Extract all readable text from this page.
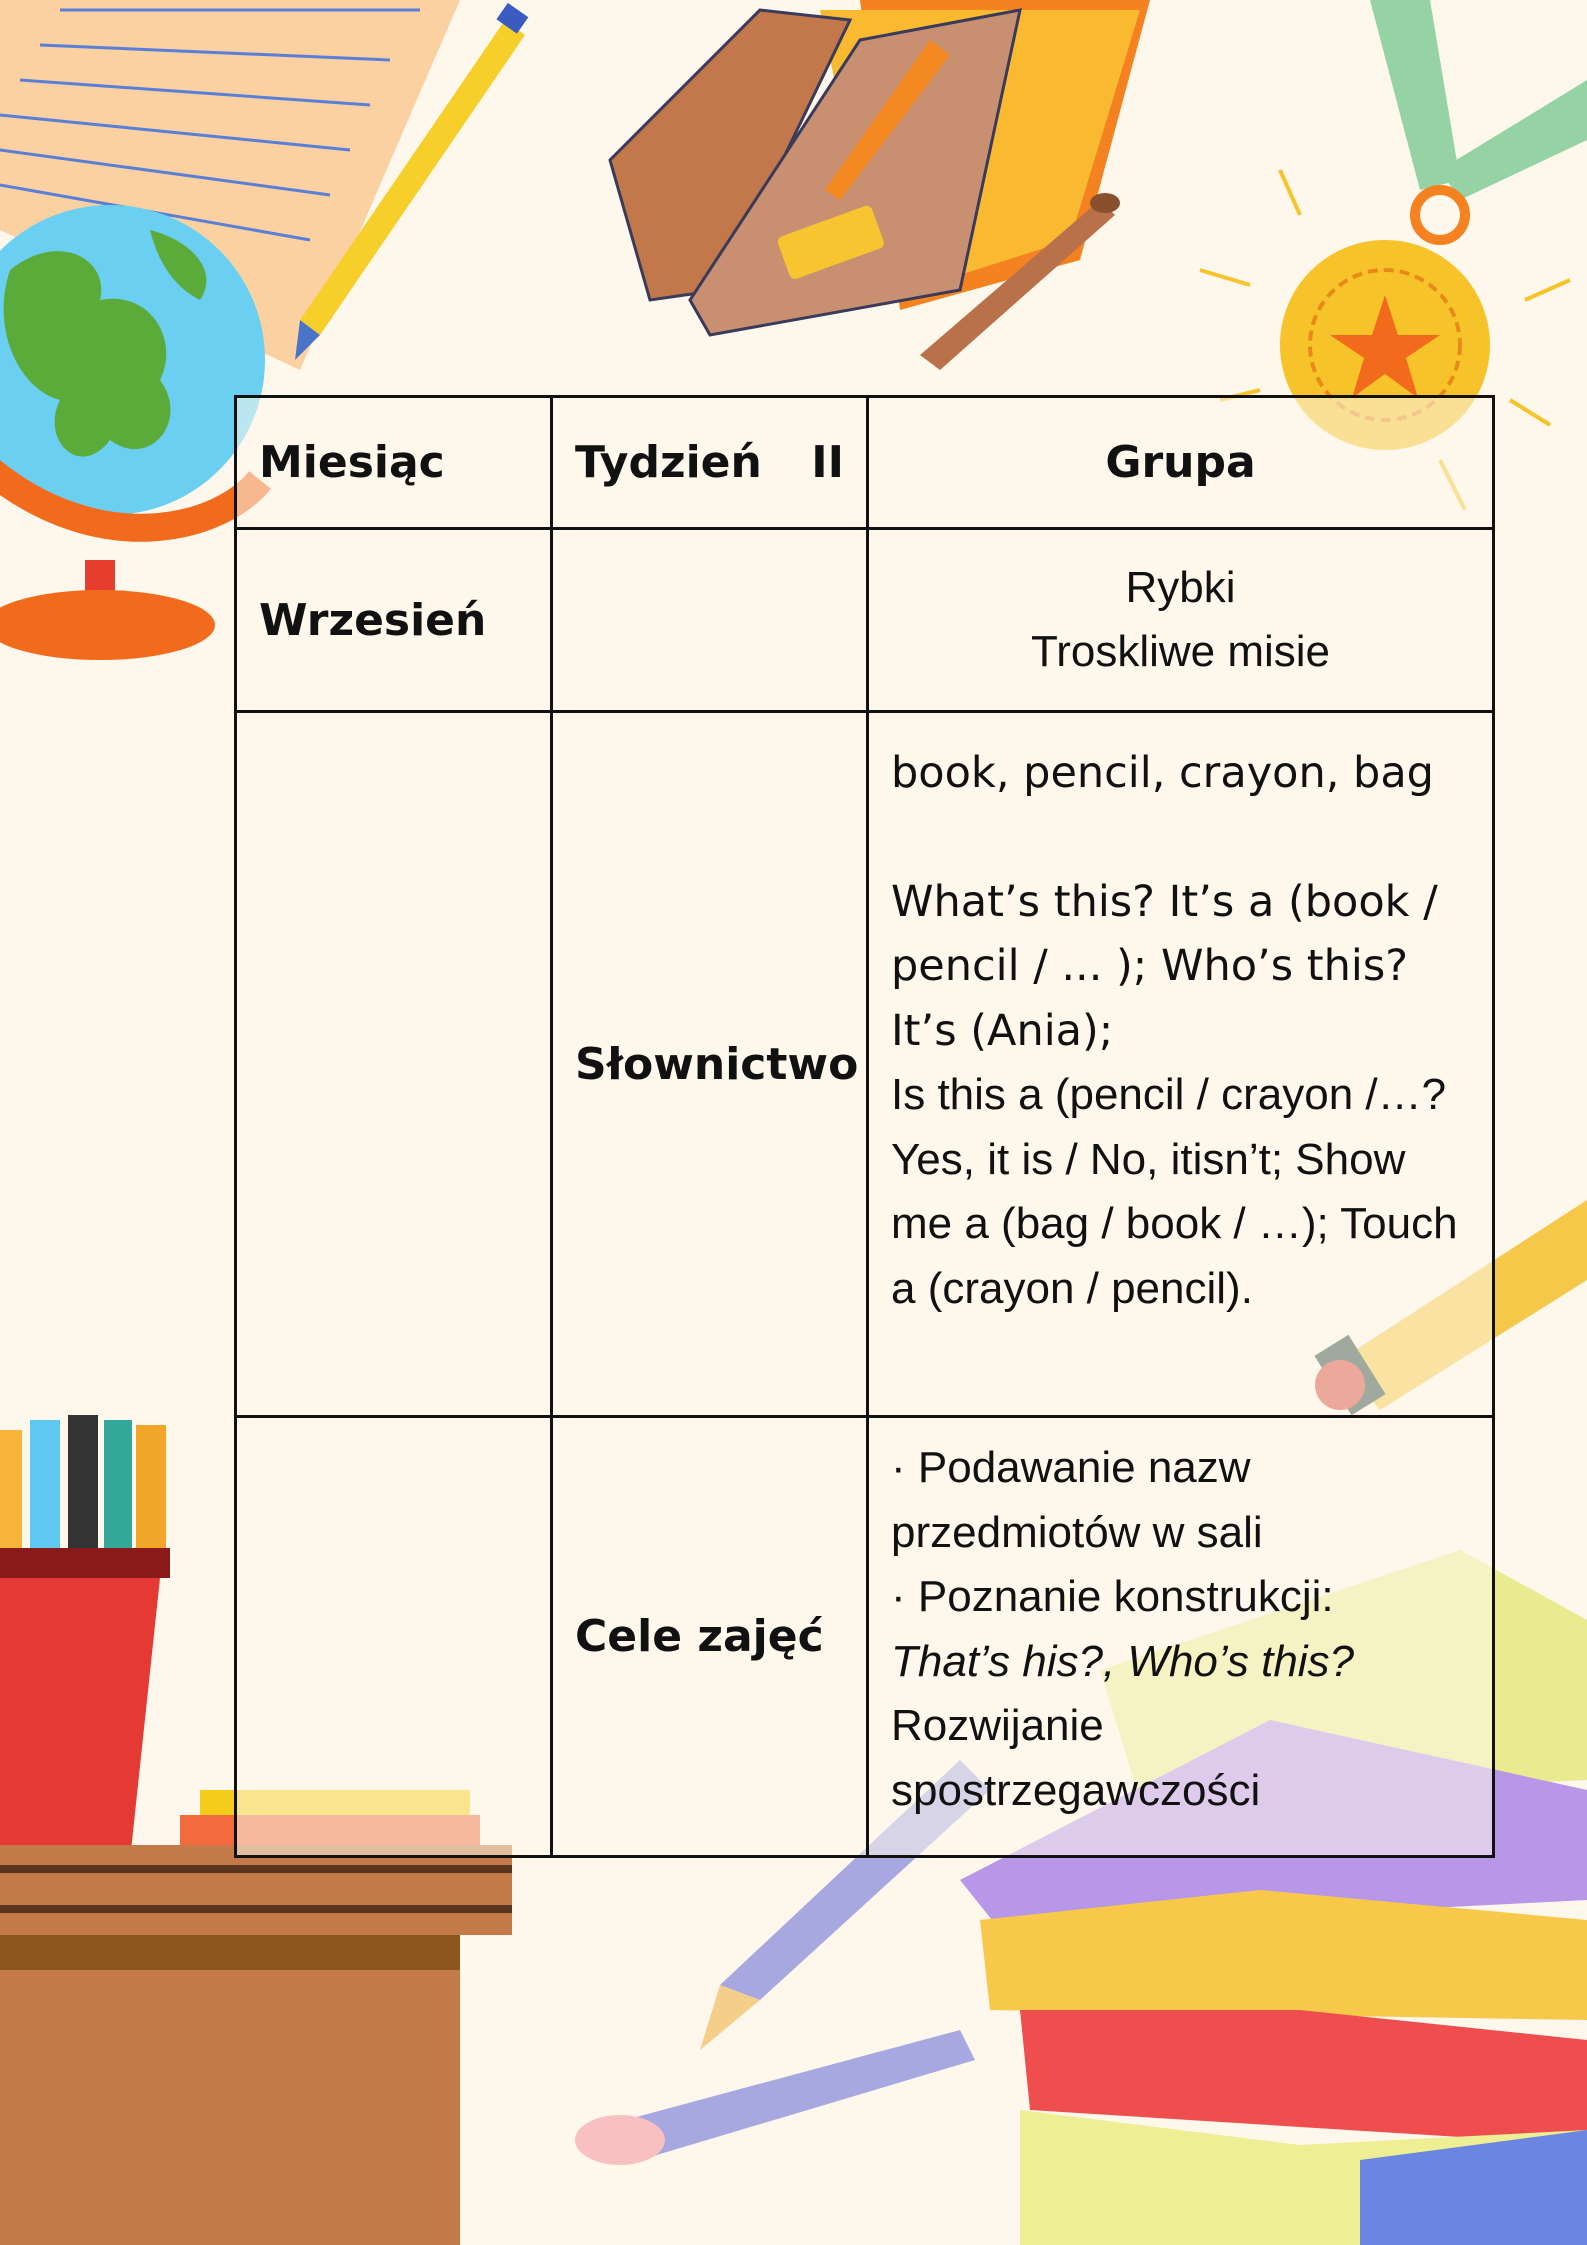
Miesiąc	Tydzień II	Grupa
Wrzesień		Rybki
Troskliwe misie

	Słownictwo	book, pencil, crayon, bag

What’s this? It’s a (book / pencil / ... ); Who’s this? It’s (Ania);

Is this a (pencil / crayon /…? Yes, it is / No, itisn’t; Show me a (bag / book / …); Touch a (crayon / pencil).

	Cele zajęć	· Podawanie nazw przedmiotów w sali

· Poznanie konstrukcji:

That’s his?, Who’s this?

Rozwijanie spostrzegawczości
